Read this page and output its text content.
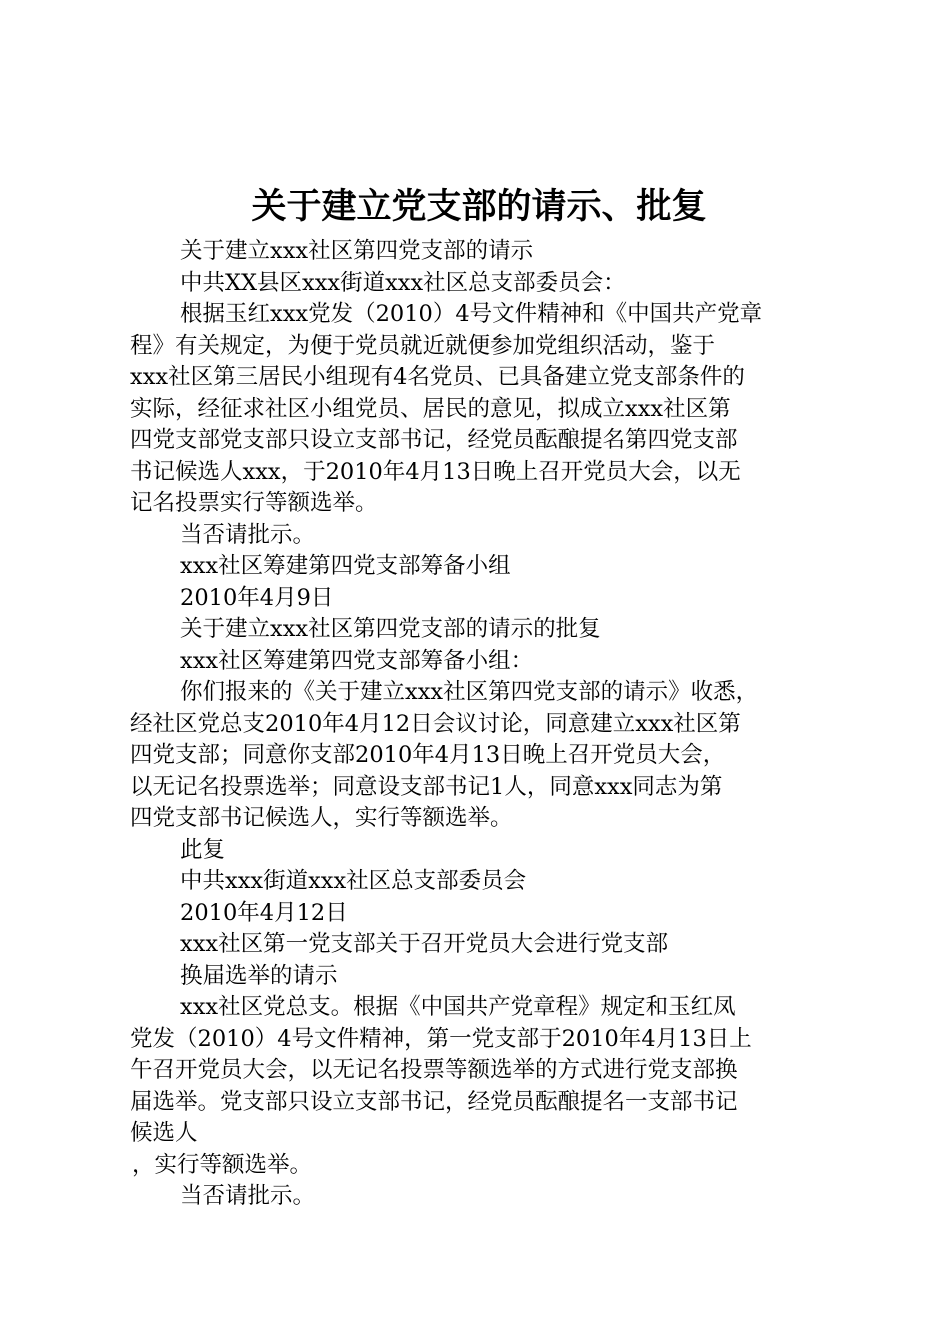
关于建立党支部的请示、批复

关于建立xxx社区第四党支部的请示

中共XX县区xxx街道xxx社区总支部委员会：

根据玉红xxx党发（2010）4号文件精神和《中国共产党章

程》有关规定，为便于党员就近就便参加党组织活动，鉴于

xxx社区第三居民小组现有4名党员、已具备建立党支部条件的

实际，经征求社区小组党员、居民的意见，拟成立xxx社区第

四党支部党支部只设立支部书记，经党员酝酿提名第四党支部

书记候选人xxx，于2010年4月13日晚上召开党员大会，以无

记名投票实行等额选举。

当否请批示。

xxx社区筹建第四党支部筹备小组

2010年4月9日

关于建立xxx社区第四党支部的请示的批复

xxx社区筹建第四党支部筹备小组：

你们报来的《关于建立xxx社区第四党支部的请示》收悉，

经社区党总支2010年4月12日会议讨论，同意建立xxx社区第

四党支部；同意你支部2010年4月13日晚上召开党员大会，

以无记名投票选举；同意设支部书记1人，同意xxx同志为第

四党支部书记候选人，实行等额选举。

此复

中共xxx街道xxx社区总支部委员会

2010年4月12日

xxx社区第一党支部关于召开党员大会进行党支部

换届选举的请示

xxx社区党总支。根据《中国共产党章程》规定和玉红凤

党发（2010）4号文件精神，第一党支部于2010年4月13日上

午召开党员大会，以无记名投票等额选举的方式进行党支部换

届选举。党支部只设立支部书记，经党员酝酿提名一支部书记

候选人

，实行等额选举。

当否请批示。
